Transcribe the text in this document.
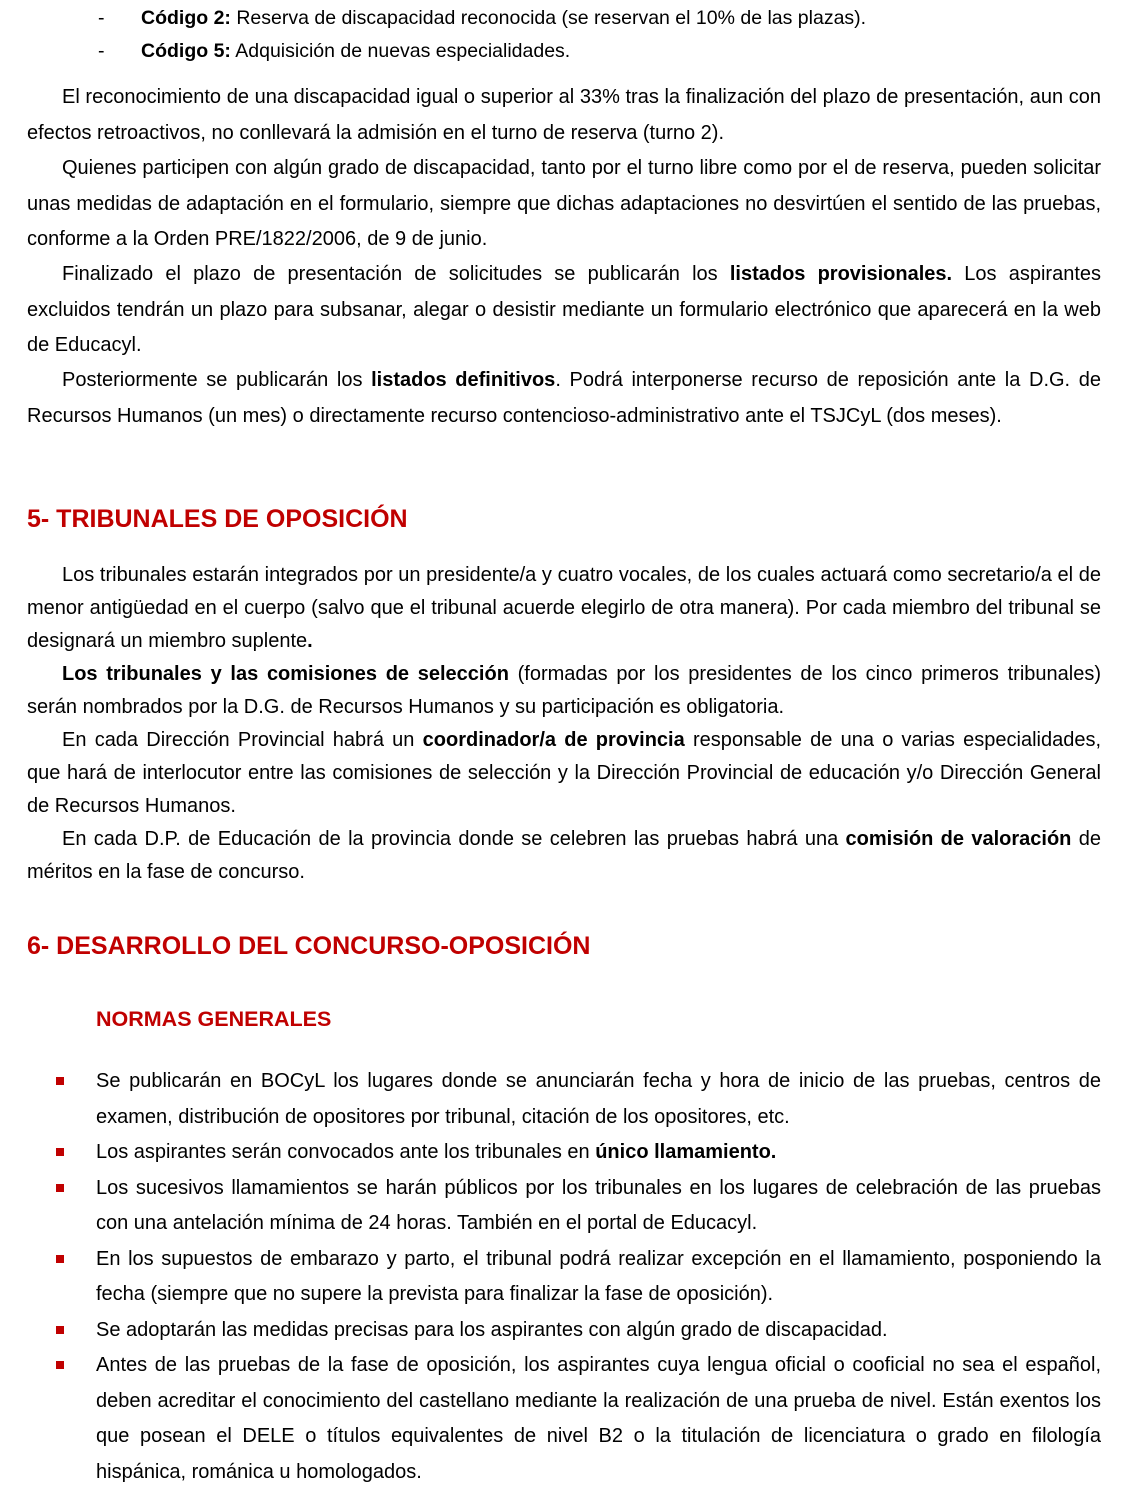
- Código 2: Reserva de discapacidad reconocida (se reservan el 10% de las plazas).
- Código 5: Adquisición de nuevas especialidades.

El reconocimiento de una discapacidad igual o superior al 33% tras la finalización del plazo de presentación, aun con efectos retroactivos, no conllevará la admisión en el turno de reserva (turno 2).

Quienes participen con algún grado de discapacidad, tanto por el turno libre como por el de reserva, pueden solicitar unas medidas de adaptación en el formulario, siempre que dichas adaptaciones no desvirtúen el sentido de las pruebas, conforme a la Orden PRE/1822/2006, de 9 de junio.

Finalizado el plazo de presentación de solicitudes se publicarán los listados provisionales. Los aspirantes excluidos tendrán un plazo para subsanar, alegar o desistir mediante un formulario electrónico que aparecerá en la web de Educacyl.

Posteriormente se publicarán los listados definitivos. Podrá interponerse recurso de reposición ante la D.G. de Recursos Humanos (un mes) o directamente recurso contencioso-administrativo ante el TSJCyL (dos meses).

5- TRIBUNALES DE OPOSICIÓN

Los tribunales estarán integrados por un presidente/a y cuatro vocales, de los cuales actuará como secretario/a el de menor antigüedad en el cuerpo (salvo que el tribunal acuerde elegirlo de otra manera). Por cada miembro del tribunal se designará un miembro suplente.

Los tribunales y las comisiones de selección (formadas por los presidentes de los cinco primeros tribunales) serán nombrados por la D.G. de Recursos Humanos y su participación es obligatoria.

En cada Dirección Provincial habrá un coordinador/a de provincia responsable de una o varias especialidades, que hará de interlocutor entre las comisiones de selección y la Dirección Provincial de educación y/o Dirección General de Recursos Humanos.

En cada D.P. de Educación de la provincia donde se celebren las pruebas habrá una comisión de valoración de méritos en la fase de concurso.

6- DESARROLLO DEL CONCURSO-OPOSICIÓN
NORMAS GENERALES
Se publicarán en BOCyL los lugares donde se anunciarán fecha y hora de inicio de las pruebas, centros de examen, distribución de opositores por tribunal, citación de los opositores, etc.
Los aspirantes serán convocados ante los tribunales en único llamamiento.
Los sucesivos llamamientos se harán públicos por los tribunales en los lugares de celebración de las pruebas con una antelación mínima de 24 horas. También en el portal de Educacyl.
En los supuestos de embarazo y parto, el tribunal podrá realizar excepción en el llamamiento, posponiendo la fecha (siempre que no supere la prevista para finalizar la fase de oposición).
Se adoptarán las medidas precisas para los aspirantes con algún grado de discapacidad.
Antes de las pruebas de la fase de oposición, los aspirantes cuya lengua oficial o cooficial no sea el español, deben acreditar el conocimiento del castellano mediante la realización de una prueba de nivel. Están exentos los que posean el DELE o títulos equivalentes de nivel B2 o la titulación de licenciatura o grado en filología hispánica, románica u homologados.
